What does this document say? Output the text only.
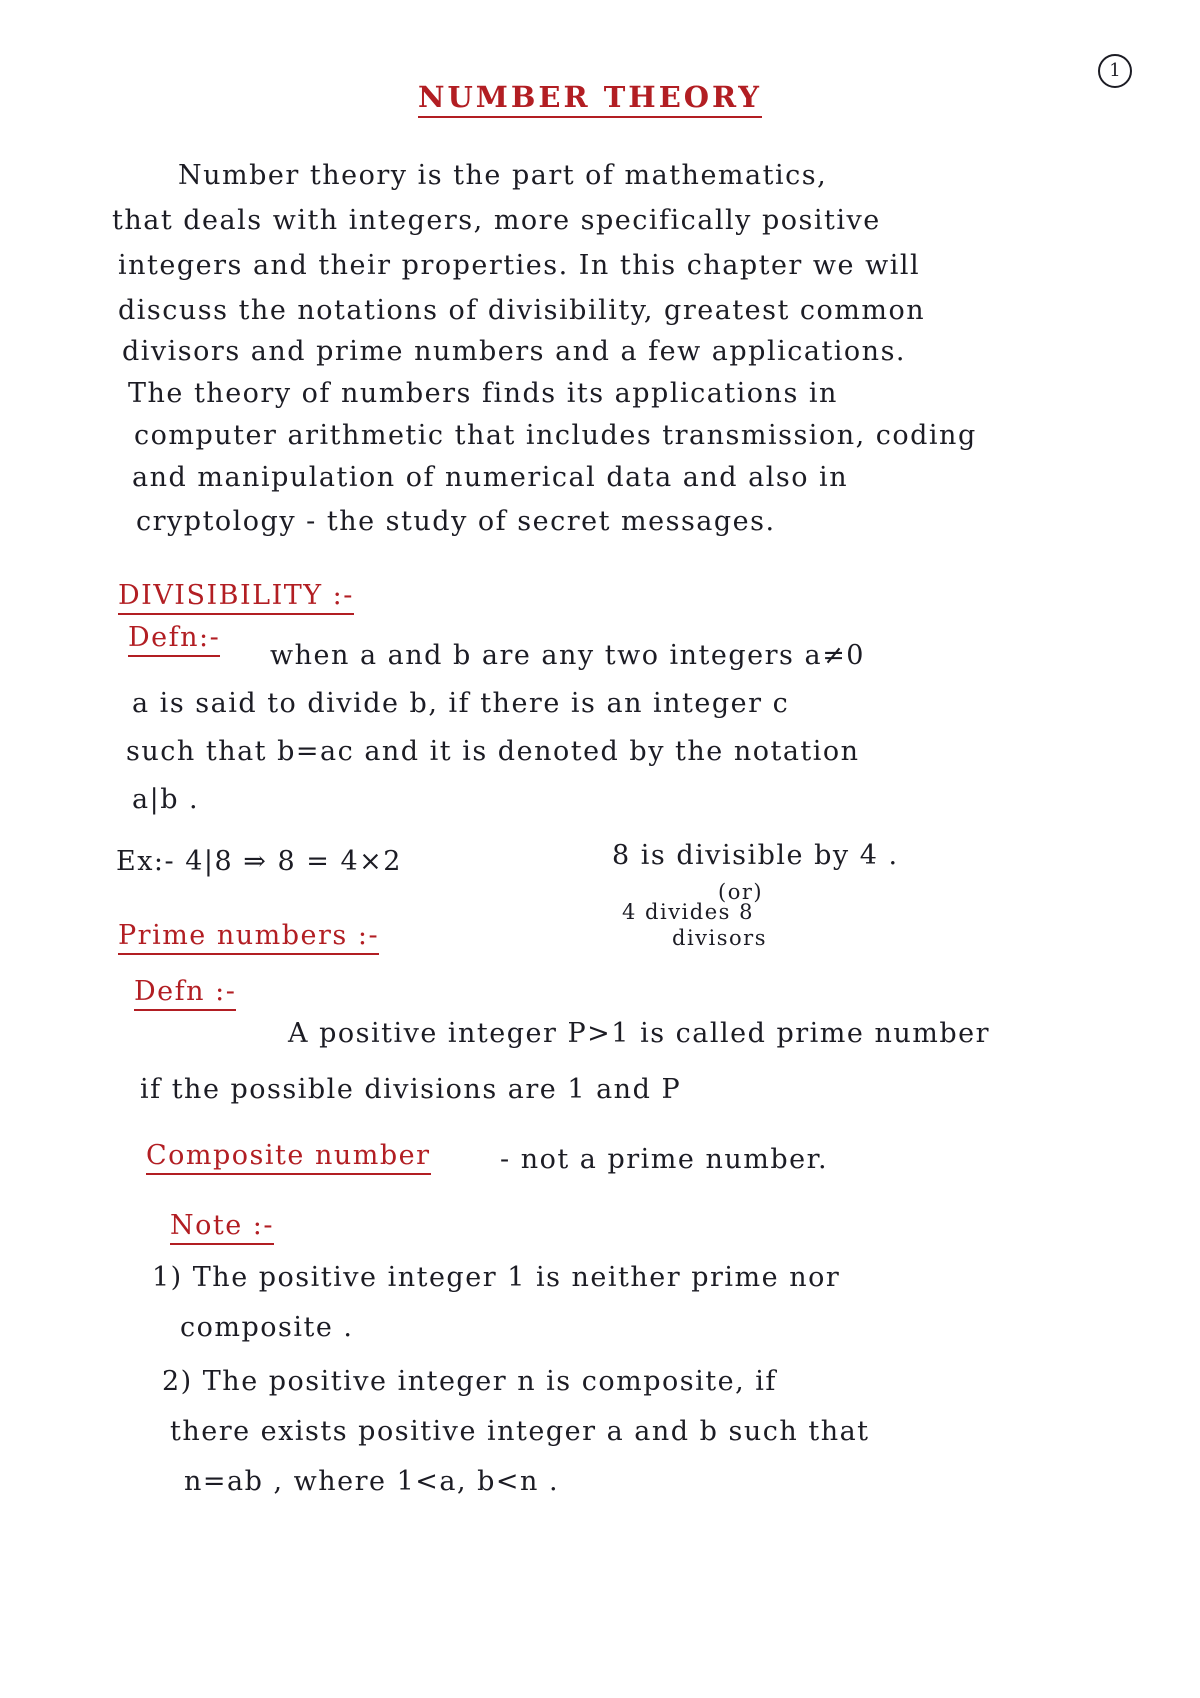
1
NUMBER THEORY
Number theory is the part of mathematics,
that deals with integers, more specifically positive
integers and their properties. In this chapter we will
discuss the notations of divisibility, greatest common
divisors and prime numbers and a few applications.
The theory of numbers finds its applications in
computer arithmetic that includes transmission, coding
and manipulation of numerical data and also in
cryptology - the study of secret messages.
DIVISIBILITY :-
Defn:-
when a and b are any two integers a≠0
a is said to divide b, if there is an integer c
such that b=ac and it is denoted by the notation
a|b .
Ex:- 4|8 ⇒ 8 = 4×2	8 is divisible by 4 .
(or)
4 divides 8
divisors
Prime numbers :-
Defn :-
A positive integer P>1 is called prime number
if the possible divisions are 1 and P
Composite number	- not a prime number.
Note :-
1) The positive integer 1 is neither prime nor
composite .
2) The positive integer n is composite, if
there exists positive integer a and b such that
n=ab , where 1<a, b<n .
